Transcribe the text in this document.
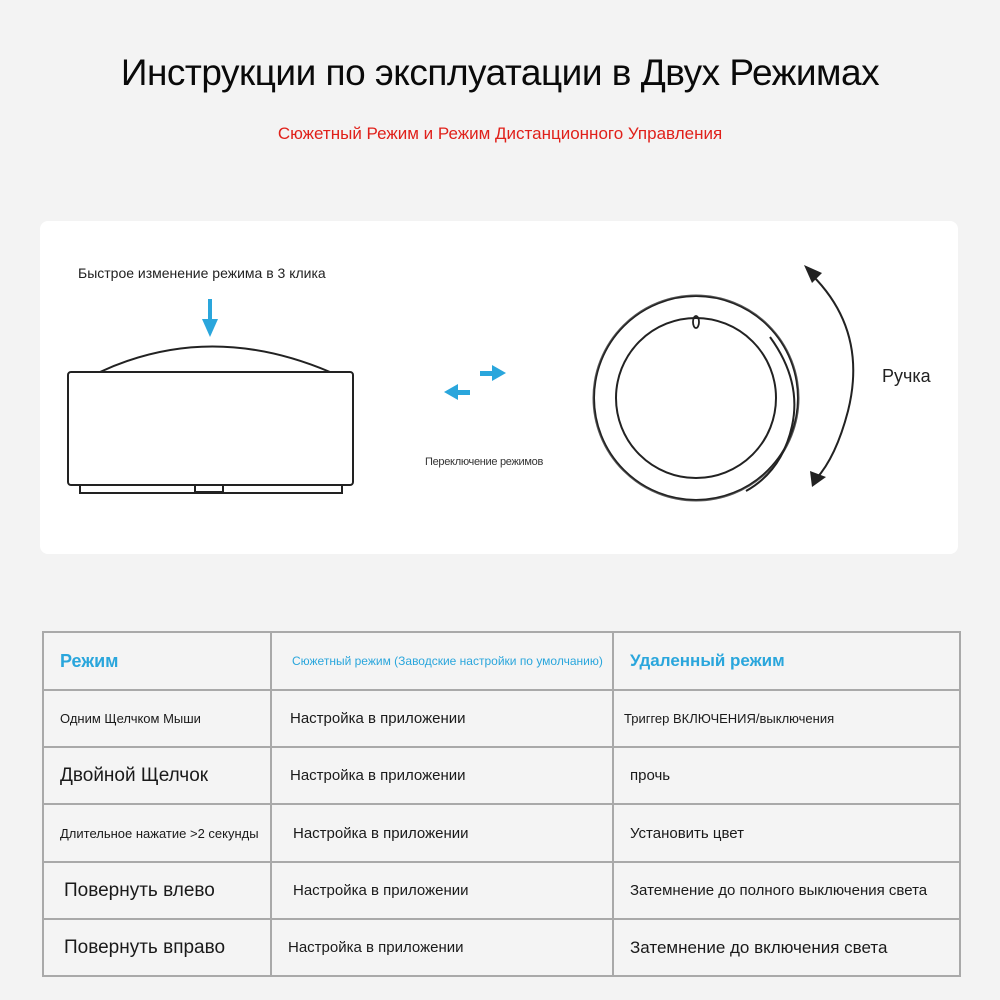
Инструкции по эксплуатации в Двух Режимах
Сюжетный Режим и Режим Дистанционного Управления
Быстрое изменение режима в 3 клика
Переключение режимов
Ручка
Режим	Сюжетный режим (Заводские настройки по умолчанию)	Удаленный режим
Одним Щелчком Мыши	Настройка в приложении	Триггер ВКЛЮЧЕНИЯ/выключения
Двойной Щелчок	Настройка в приложении	прочь
Длительное нажатие >2 секунды	Настройка в приложении	Установить цвет
Повернуть влево	Настройка в приложении	Затемнение до полного выключения света
Повернуть вправо	Настройка в приложении	Затемнение до включения света
